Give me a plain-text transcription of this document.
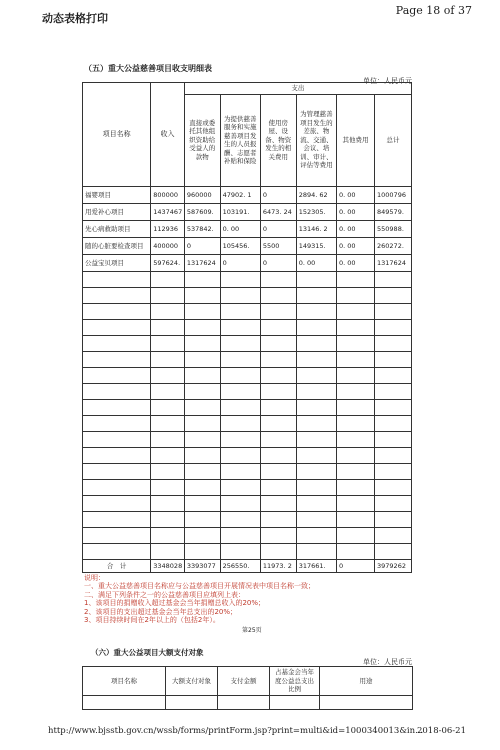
动态表格打印
Page 18 of 37
（五）重大公益慈善项目收支明细表
单位：人民币元
项目名称	收入	支出					
		直接或委托其他组织资助给受益人的款物	为提供慈善服务和实施慈善项目发生的人员报酬、志愿者补贴和保险	使用房屋、设备、物资发生的相关费用	为管理慈善项目发生的差旅、物流、交通、会议、培训、审计、评估等费用	其他费用	总计
福婴项目	800000	960000	47902. 1	0	2894. 62	0. 00	1000796
用爱补心项目	1437467	587609.	103191.	6473. 24	152305.	0. 00	849579.
先心病救助项目	112936	537842.	0. 00	0	13146. 2	0. 00	550988.
随的心脏要检查项目	400000	0	105456.	5500	149315.	0. 00	260272.
公益宝贝项目	597624.	1317624	0	0	0. 00	0. 00	1317624

合　计	3348028	3393077	256550.	11973. 2	317661.	0	3979262
说明：
一、重大公益慈善项目名称应与公益慈善项目开展情况表中项目名称一致；
二、满足下列条件之一的公益慈善项目应填列上表：
1、该项目的捐赠收入超过基金会当年捐赠总收入的20%；
2、该项目的支出超过基金会当年总支出的20%；
3、项目持续时间在2年以上的（包括2年）。
第25页
（六）重大公益项目大额支付对象
单位：人民币元
项目名称	大额支付对象	支付金额	占基金会当年度公益总支出比例	用途

http://www.bjsstb.gov.cn/wssb/forms/printForm.jsp?print=multi&id=1000340013&in...
2018-06-21
